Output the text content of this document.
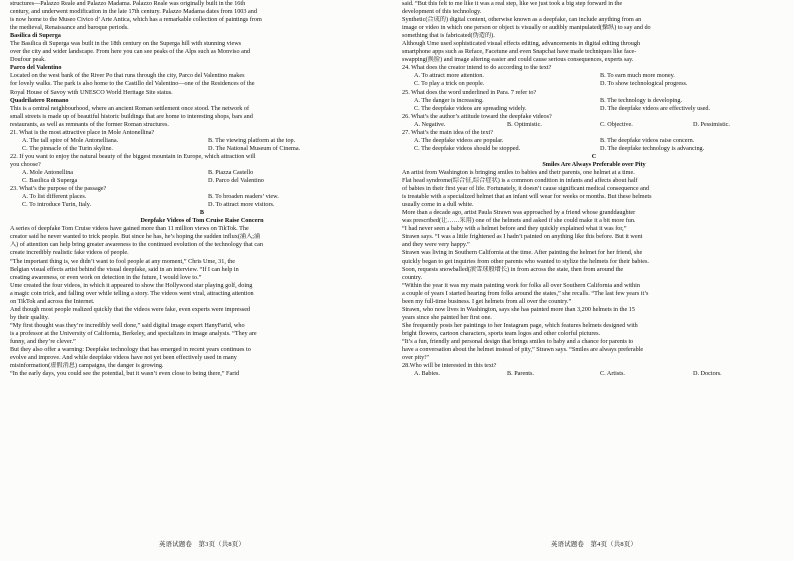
structures—Palazzo Reale and Palazzo Madama. Palazzo Reale was originally built in the 16th
century, and underwent modification in the late 17th century. Palazzo Madama dates from 1003 and
is now home to the Museo Civico d’ Arte Antica, which has a remarkable collection of paintings from
the medieval, Renaissance and baroque periods.
Basilica di Superga
The Basilica di Superga was built in the 18th century on the Superga hill with stunning views
over the city and wider landscape. From here you can see peaks of the Alps such as Monviso and
Doufour peak.
Parco del Valentino
Located on the west bank of the River Po that runs through the city, Parco del Valentino makes
for lovely walks. The park is also home to the Castillo del Valentino—one of the Residences of the
Royal House of Savoy with UNESCO World Heritage Site status.
Quadrilatero Romano
This is a central neighbourhood, where an ancient Roman settlement once stood. The network of
small streets is made up of beautiful historic buildings that are home to interesting shops, bars and
restaurants, as well as remnants of the former Roman structures.
21. What is the most attractive place in Mole Antonellina?
A. The tall spire of Mole Antonelliana.	B. The viewing platform at the top.
C. The pinnacle of the Turin skyline.	D. The National Museum of Cinema.
22. If you want to enjoy the natural beauty of the biggest mountain in Europe, which attraction will
you choose?
A. Mole Antonellina	B. Piazza Castello
C. Basilica di Superga	D. Parco del Valentino
23. What’s the purpose of the passage?
A. To list different places.	B. To broaden readers’ view.
C. To introduce Turin, Italy.	D. To attract more visitors.
B
Deepfake Videos of Tom Cruise Raise Concern
A series of deepfake Tom Cruise videos have gained more than 11 million views on TikTok. The
creator said he never wanted to trick people. But since he has, he’s hoping the sudden influx(涌入;涌
入) of attention can help bring greater awareness to the continued evolution of the technology that can
create incredibly realistic fake videos of people.
“The important thing is, we didn’t want to fool people at any moment,” Chris Ume, 31, the
Belgian visual effects artist behind the visual deepfake, said in an interview. “If I can help in
creating awareness, or even work on detection in the future, I would love to.”
Ume created the four videos, in which it appeared to show the Hollywood star playing golf, doing
a magic coin trick, and falling over while telling a story. The videos went viral, attracting attention
on TikTok and across the Internet.
And though most people realized quickly that the videos were fake, even experts were impressed
by their quality.
“My first thought was they’re incredibly well done,” said digital image expert HanyFarid, who
is a professor at the University of California, Berkeley, and specializes in image analysis. “They are
funny, and they’re clever.”
But they also offer a warning: Deepfake technology that has emerged in recent years continues to
evolve and improve. And while deepfake videos have not yet been effectively used in many
misinformation(虚假消息) campaigns, the danger is growing.
“In the early days, you could see the potential, but it wasn’t even close to being there,” Farid
英语试题卷　第3页（共8页）
said. “But this felt to me like it was a real step, like we just took a big step forward in the
development of this technology.
Synthetic(合成的) digital content, otherwise known as a deepfake, can include anything from an
image or video in which one person or object is visually or audibly manipulated(操纵) to say and do
something that is fabricated(伪造的).
Although Ume used sophisticated visual effects editing, advancements in digital editing through
smartphone apps such as Reface, Facetune and even Snapchat have made techniques like face-
swapping(换脸) and image altering easier and could cause serious consequences, experts say.
24. What does the creator intend to do according to the text?
A. To attract more attention.	B. To earn much more money.
C. To play a trick on people.	D. To show technological progress.
25. What does the word underlined in Para. 7 refer to?
A. The danger is increasing.	B. The technology is developing.
C. The deepfake videos are spreading widely.	D. The deepfake videos are effectively used.
26. What’s the author’s attitude toward the deepfake videos?
A. Negative.	B. Optimistic.	C. Objective.	D. Pessimistic.
27. What’s the main idea of the text?
A. The deepfake videos are popular.	B. The deepfake videos raise concern.
C. The deepfake videos should be stopped.	D. The deepfake technology is advancing.
C
Smiles Are Always Preferable over Pity
An artist from Washington is bringing smiles to babies and their parents, one helmet at a time.
Flat head syndrome(综合征,综合症状) is a common condition in infants and affects about half
of babies in their first year of life. Fortunately, it doesn’t cause significant medical consequence and
is treatable with a specialized helmet that an infant will wear for weeks or months. But these helmets
usually come in a dull white.
More than a decade ago, artist Paula Strawn was approached by a friend whose granddaughter
was prescribed(让……采用) one of the helmets and asked if she could make it a bit more fun.
“I had never seen a baby with a helmet before and they quickly explained what it was for,”
Strawn says. “I was a little frightened as I hadn’t painted on anything like this before. But it went
and they were very happy.”
Strawn was living in Southern California at the time. After painting the helmet for her friend, she
quickly began to get inquiries from other parents who wanted to stylize the helmets for their babies.
Soon, requests snowballed(滚雪球般增长) in from across the state, then from around the
country.
“Within the year it was my main painting work for folks all over Southern California and within
a couple of years I started hearing from folks around the states,” she recalls. “The last few years it’s
been my full-time business. I get helmets from all over the country.”
Strawn, who now lives in Washington, says she has painted more than 3,200 helmets in the 15
years since she painted her first one.
She frequently posts her paintings to her Instagram page, which features helmets designed with
bright flowers, cartoon characters, sports team logos and other colorful pictures.
“It’s a fun, friendly and personal design that brings smiles to baby and a chance for parents to
have a conversation about the helmet instead of pity,” Strawn says. “Smiles are always preferable
over pity!”
28.Who will be interested in this text?
A. Babies.	B. Parents.	C. Artists.	D. Doctors.
英语试题卷　第4页（共8页）
